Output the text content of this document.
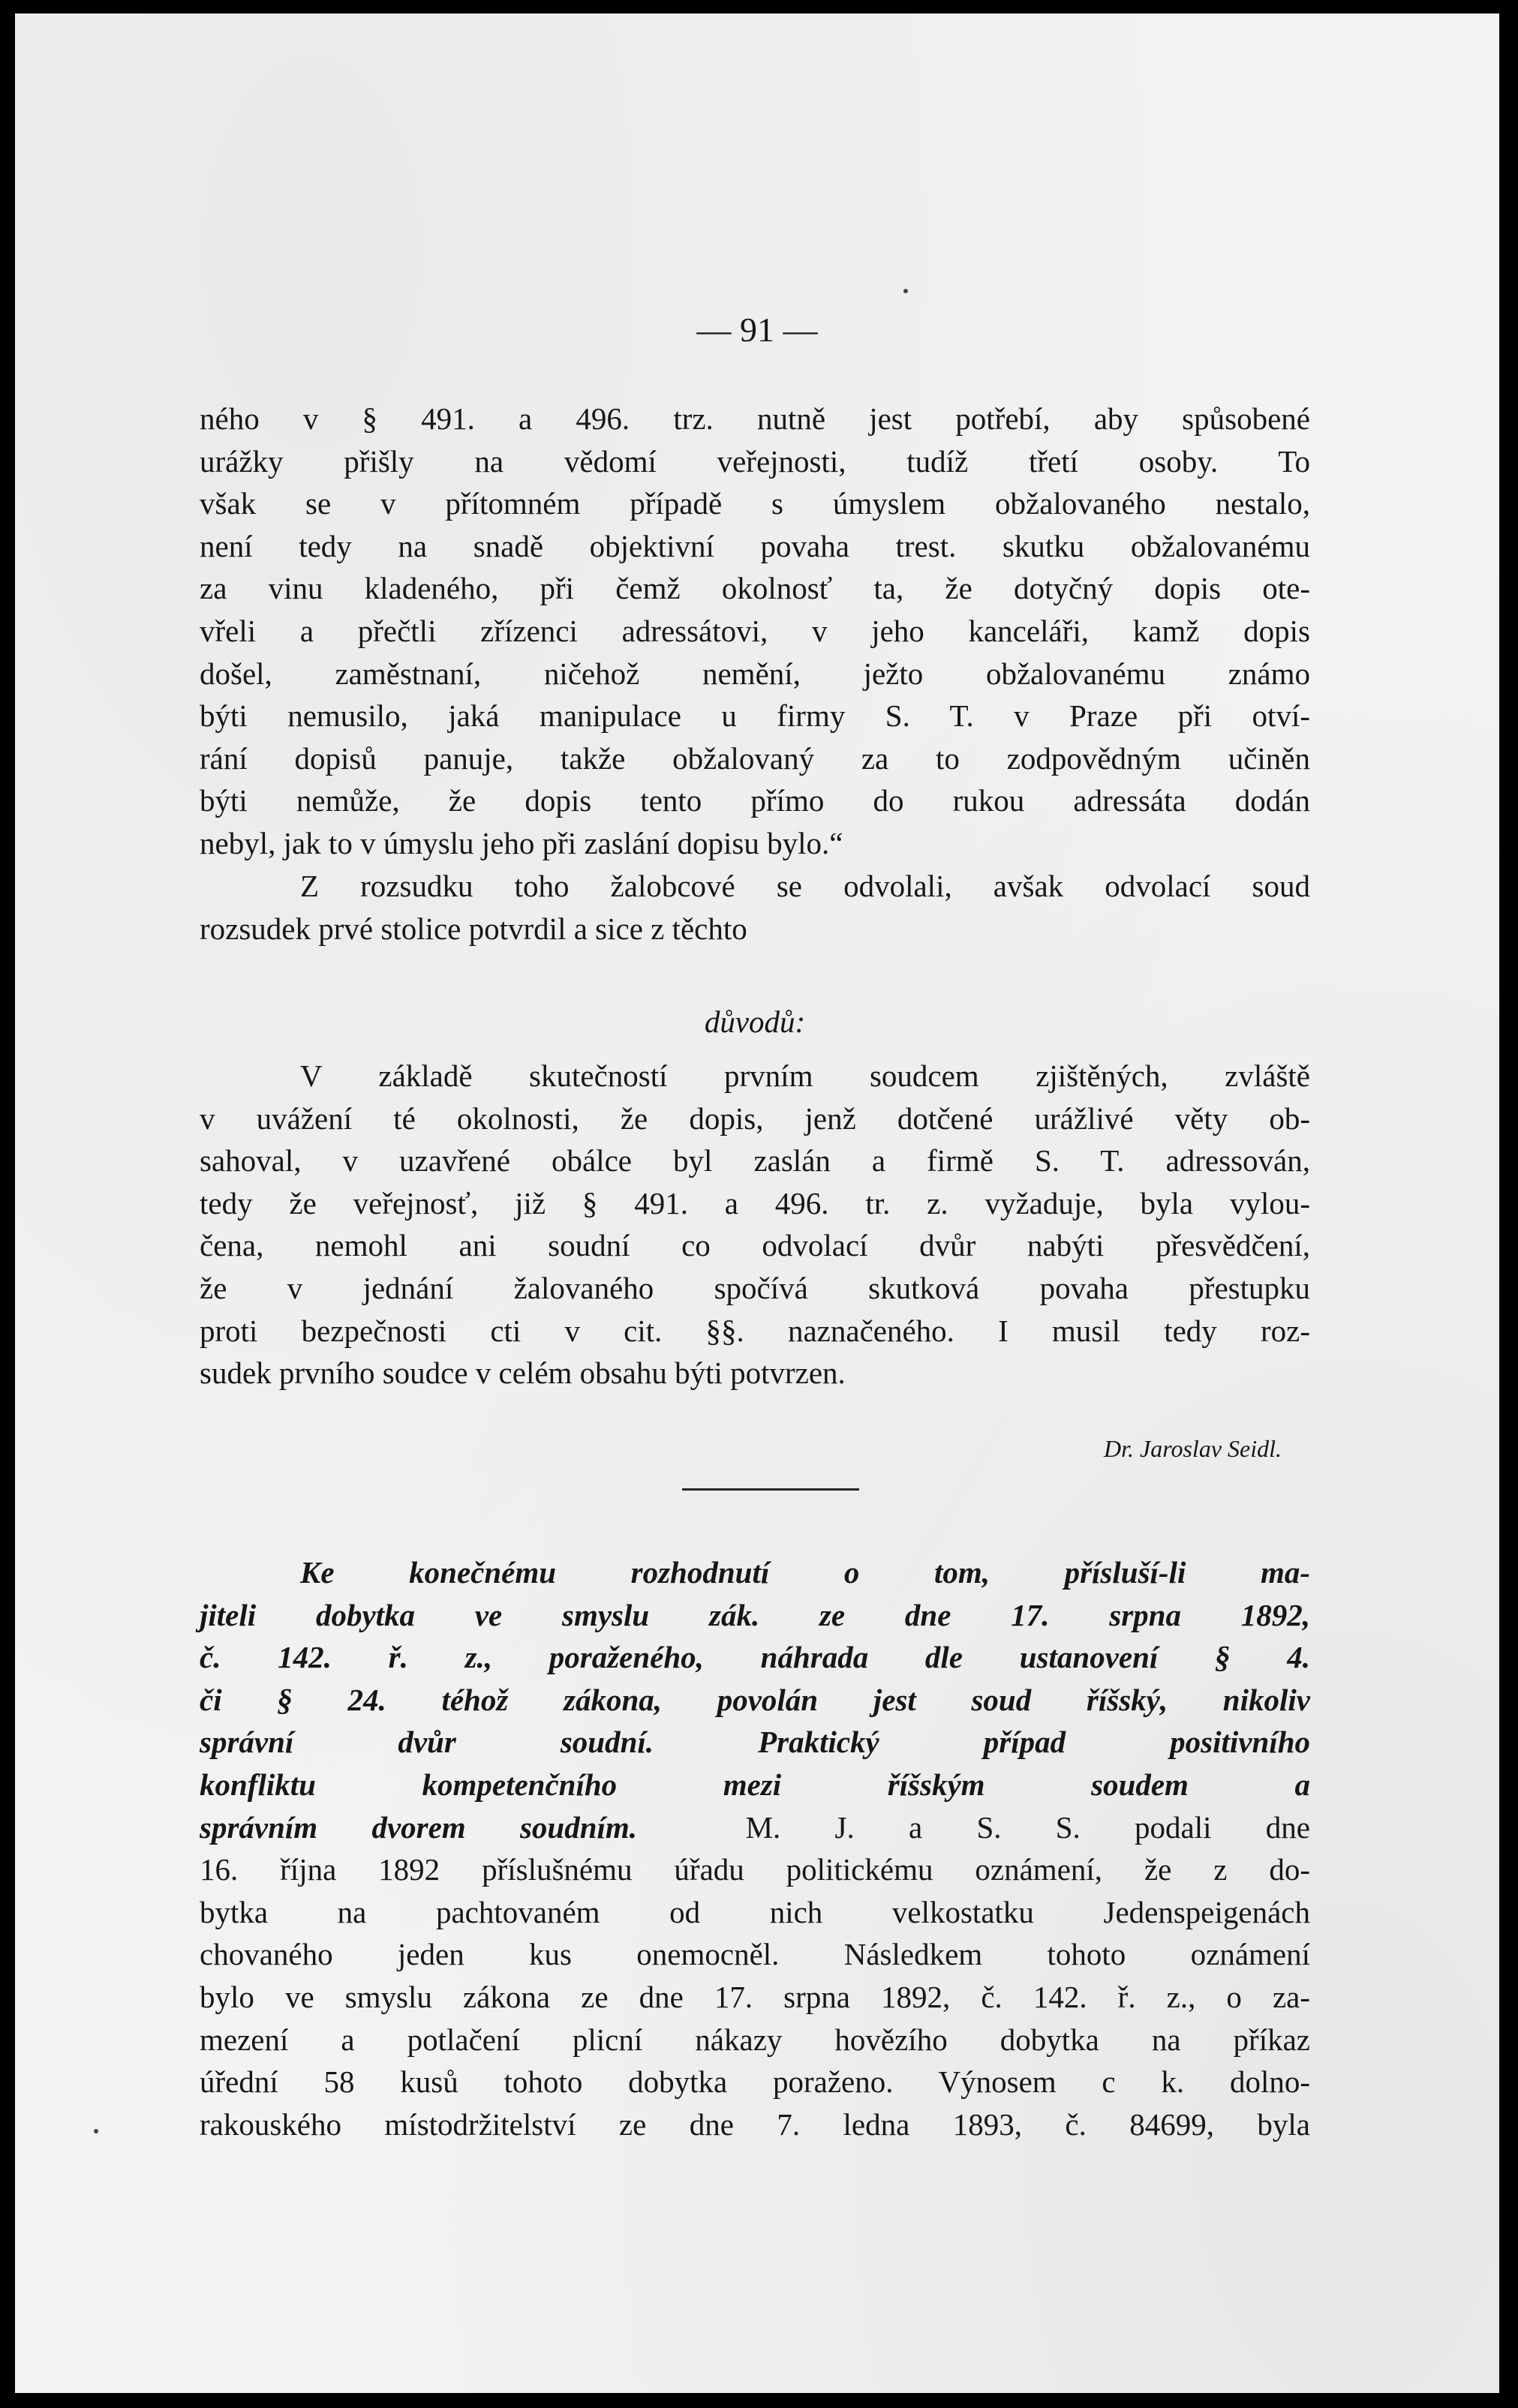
— 91 —
ného v § 491. a 496. trz. nutně jest potřebí, aby spůsobené
urážky přišly na vědomí veřejnosti, tudíž třetí osoby. To
však se v přítomném případě s úmyslem obžalovaného nestalo,
není tedy na snadě objektivní povaha trest. skutku obžalovanému
za vinu kladeného, při čemž okolnosť ta, že dotyčný dopis ote-
vřeli a přečtli zřízenci adressátovi, v jeho kanceláři, kamž dopis
došel, zaměstnaní, ničehož nemění, ježto obžalovanému známo
býti nemusilo, jaká manipulace u firmy S. T. v Praze při otví-
rání dopisů panuje, takže obžalovaný za to zodpovědným učiněn
býti nemůže, že dopis tento přímo do rukou adressáta dodán
nebyl, jak to v úmyslu jeho při zaslání dopisu bylo.“
Z rozsudku toho žalobcové se odvolali, avšak odvolací soud
rozsudek prvé stolice potvrdil a sice z těchto
důvodů:
V základě skutečností prvním soudcem zjištěných, zvláště
v uvážení té okolnosti, že dopis, jenž dotčené urážlivé věty ob-
sahoval, v uzavřené obálce byl zaslán a firmě S. T. adressován,
tedy že veřejnosť, již § 491. a 496. tr. z. vyžaduje, byla vylou-
čena, nemohl ani soudní co odvolací dvůr nabýti přesvědčení,
že v jednání žalovaného spočívá skutková povaha přestupku
proti bezpečnosti cti v cit. §§. naznačeného. I musil tedy roz-
sudek prvního soudce v celém obsahu býti potvrzen.
Dr. Jaroslav Seidl.
Ke konečnému rozhodnutí o tom, přísluší-li ma-
jiteli dobytka ve smyslu zák. ze dne 17. srpna 1892,
č. 142. ř. z., poraženého, náhrada dle ustanovení § 4.
či § 24. téhož zákona, povolán jest soud říšský, nikoliv
správní dvůr soudní. Praktický případ positivního
konfliktu kompetenčního mezi říšským soudem a
správním dvorem soudním.	M. J. a S. S. podali dne
16. října 1892 příslušnému úřadu politickému oznámení, že z do-
bytka na pachtovaném od nich velkostatku Jedenspeigenách
chovaného jeden kus onemocněl. Následkem tohoto oznámení
bylo ve smyslu zákona ze dne 17. srpna 1892, č. 142. ř. z., o za-
mezení a potlačení plicní nákazy hovězího dobytka na příkaz
úřední 58 kusů tohoto dobytka poraženo. Výnosem c k. dolno-
rakouského místodržitelství ze dne 7. ledna 1893, č. 84699, byla
